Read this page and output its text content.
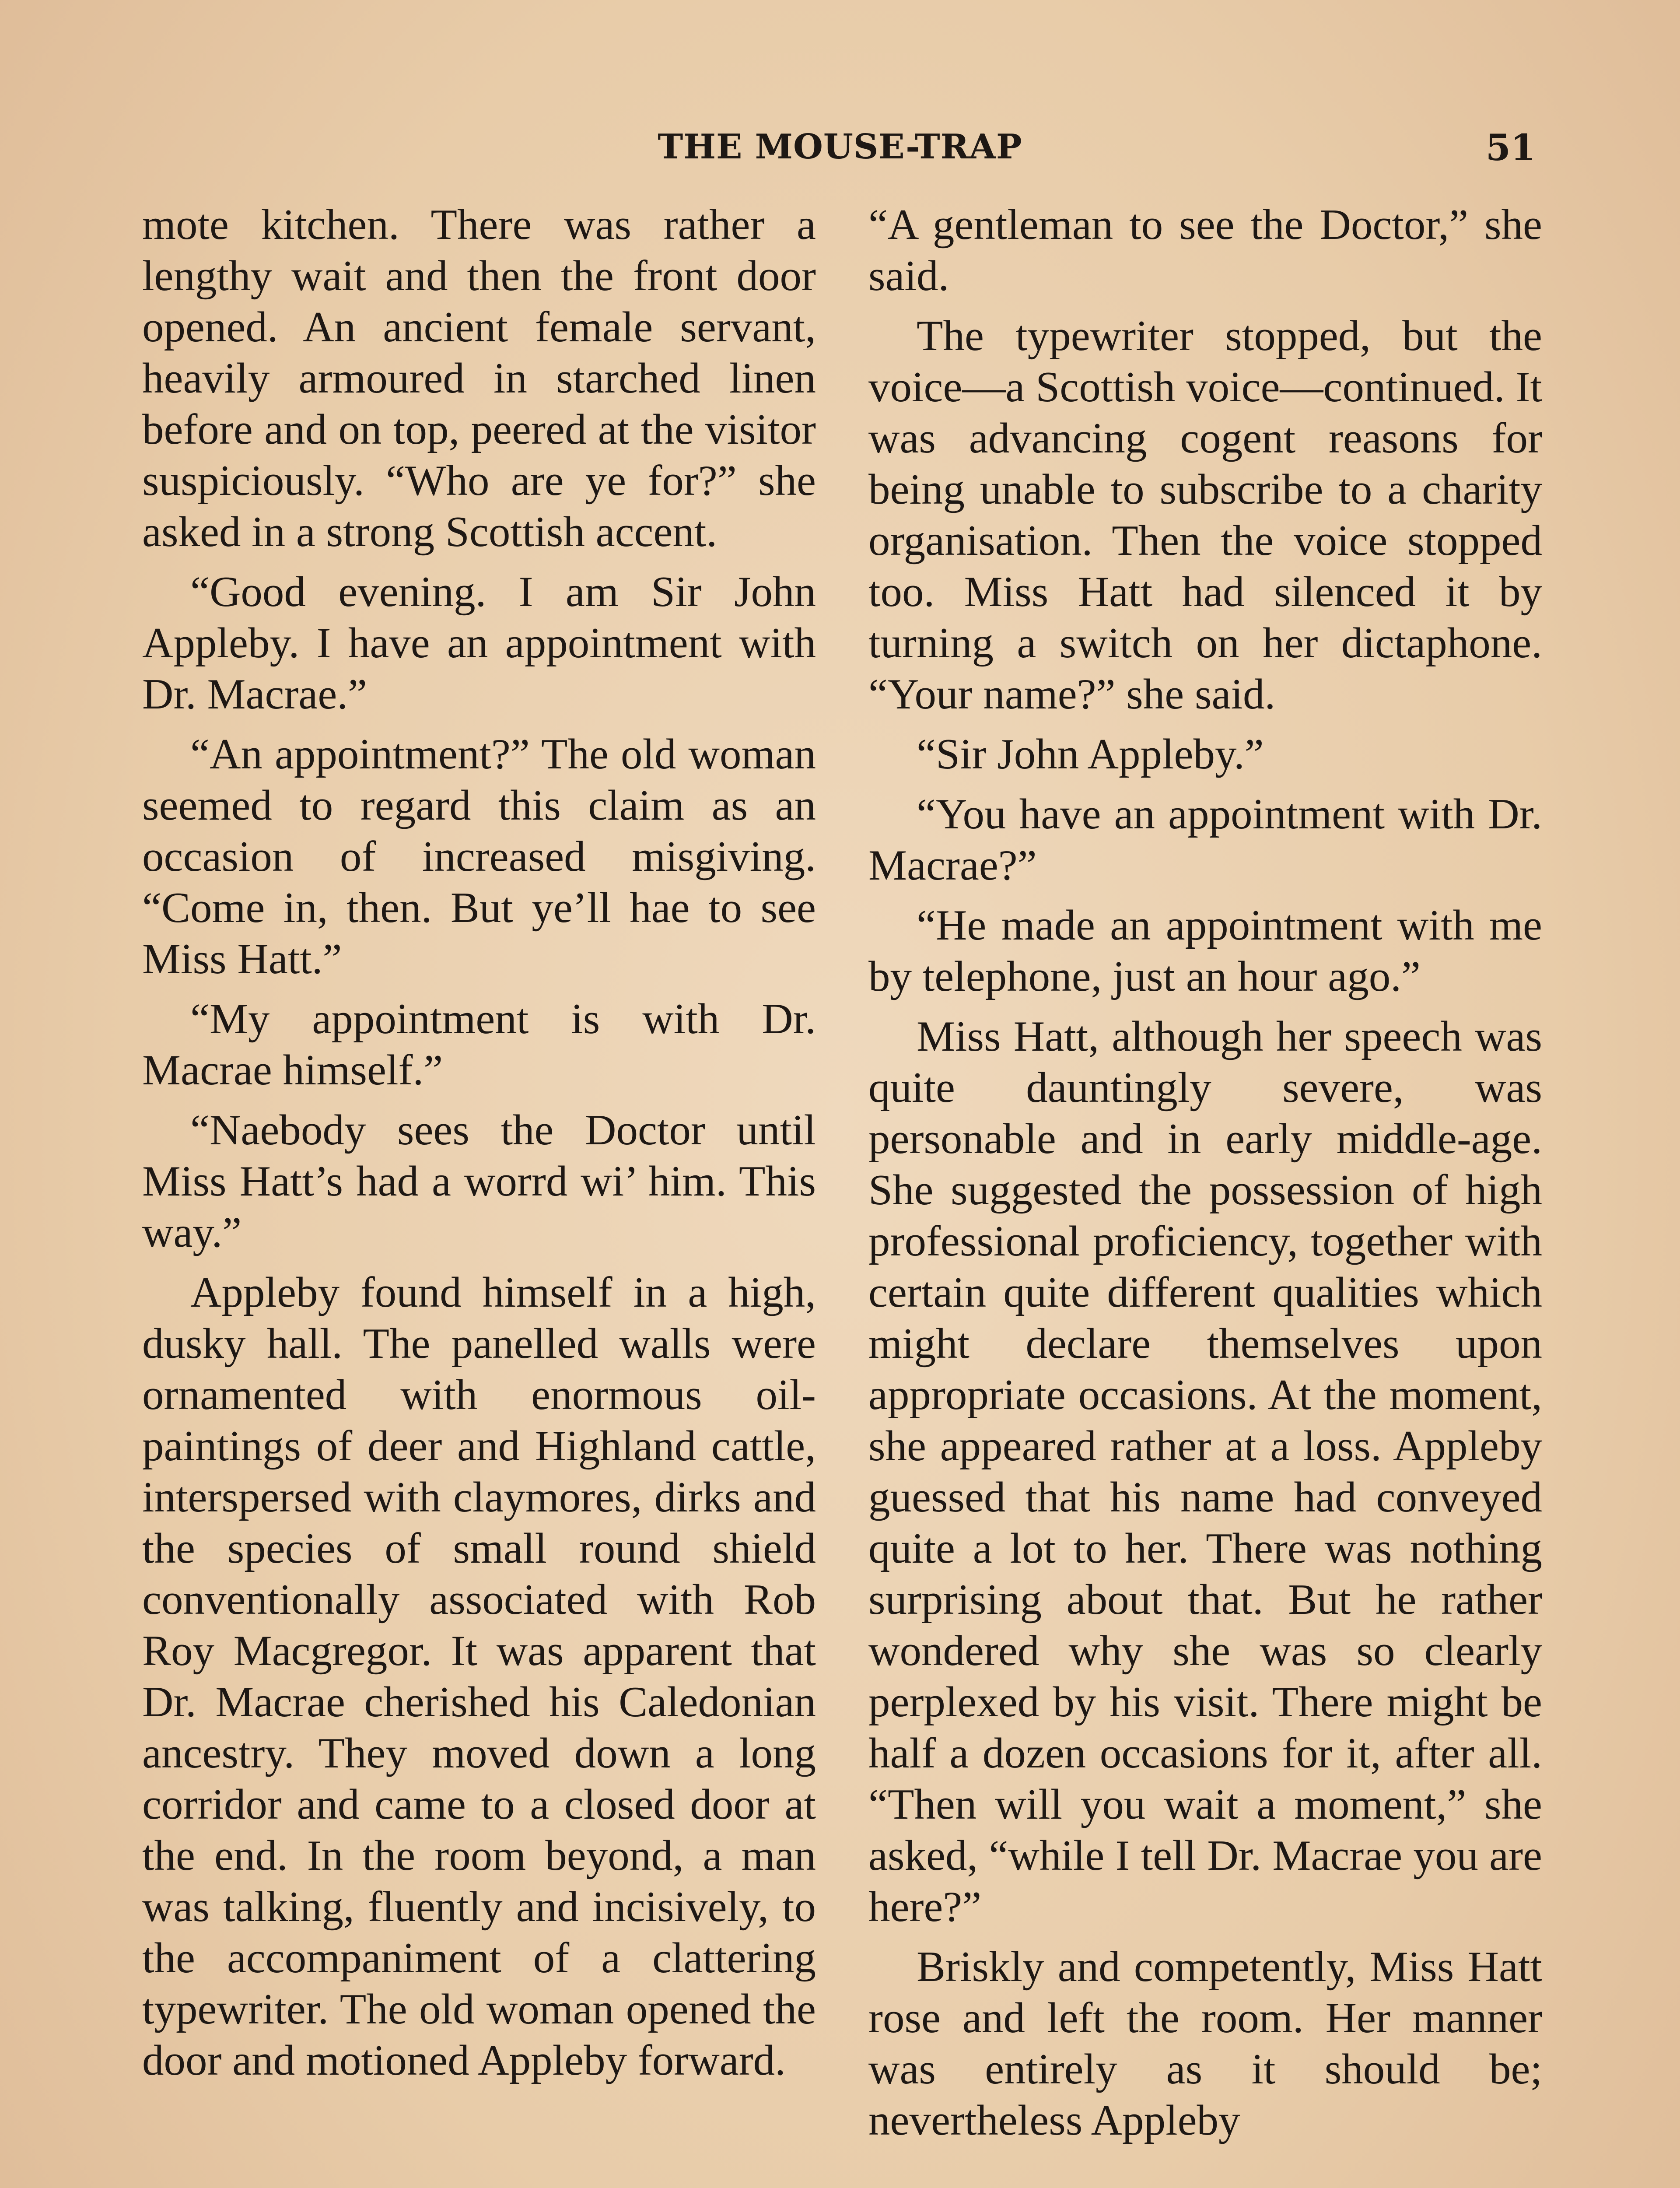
THE MOUSE-TRAP	51

mote kitchen. There was rather a lengthy wait and then the front door opened. An ancient female servant, heavily armoured in starched linen before and on top, peered at the visitor suspiciously. “Who are ye for?” she asked in a strong Scottish accent.

“Good evening. I am Sir John Appleby. I have an appointment with Dr. Macrae.”

“An appointment?” The old woman seemed to regard this claim as an occasion of increased misgiving. “Come in, then. But ye’ll hae to see Miss Hatt.”

“My appointment is with Dr. Macrae himself.”

“Naebody sees the Doctor until Miss Hatt’s had a worrd wi’ him. This way.”

Appleby found himself in a high, dusky hall. The panelled walls were ornamented with enormous oil-paintings of deer and Highland cattle, interspersed with claymores, dirks and the species of small round shield conventionally associated with Rob Roy Macgregor. It was apparent that Dr. Macrae cherished his Caledonian ancestry. They moved down a long corridor and came to a closed door at the end. In the room beyond, a man was talking, fluently and incisively, to the accompaniment of a clattering typewriter. The old woman opened the door and motioned Appleby forward.

“A gentleman to see the Doctor,” she said.

The typewriter stopped, but the voice—a Scottish voice—continued. It was advancing cogent reasons for being unable to subscribe to a charity organisation. Then the voice stopped too. Miss Hatt had silenced it by turning a switch on her dictaphone. “Your name?” she said.

“Sir John Appleby.”

“You have an appointment with Dr. Macrae?”

“He made an appointment with me by telephone, just an hour ago.”

Miss Hatt, although her speech was quite dauntingly severe, was personable and in early middle-age. She suggested the possession of high professional proficiency, together with certain quite different qualities which might declare themselves upon appropriate occasions. At the moment, she appeared rather at a loss. Appleby guessed that his name had conveyed quite a lot to her. There was nothing surprising about that. But he rather wondered why she was so clearly perplexed by his visit. There might be half a dozen occasions for it, after all. “Then will you wait a moment,” she asked, “while I tell Dr. Macrae you are here?”

Briskly and competently, Miss Hatt rose and left the room. Her manner was entirely as it should be; nevertheless Appleby
